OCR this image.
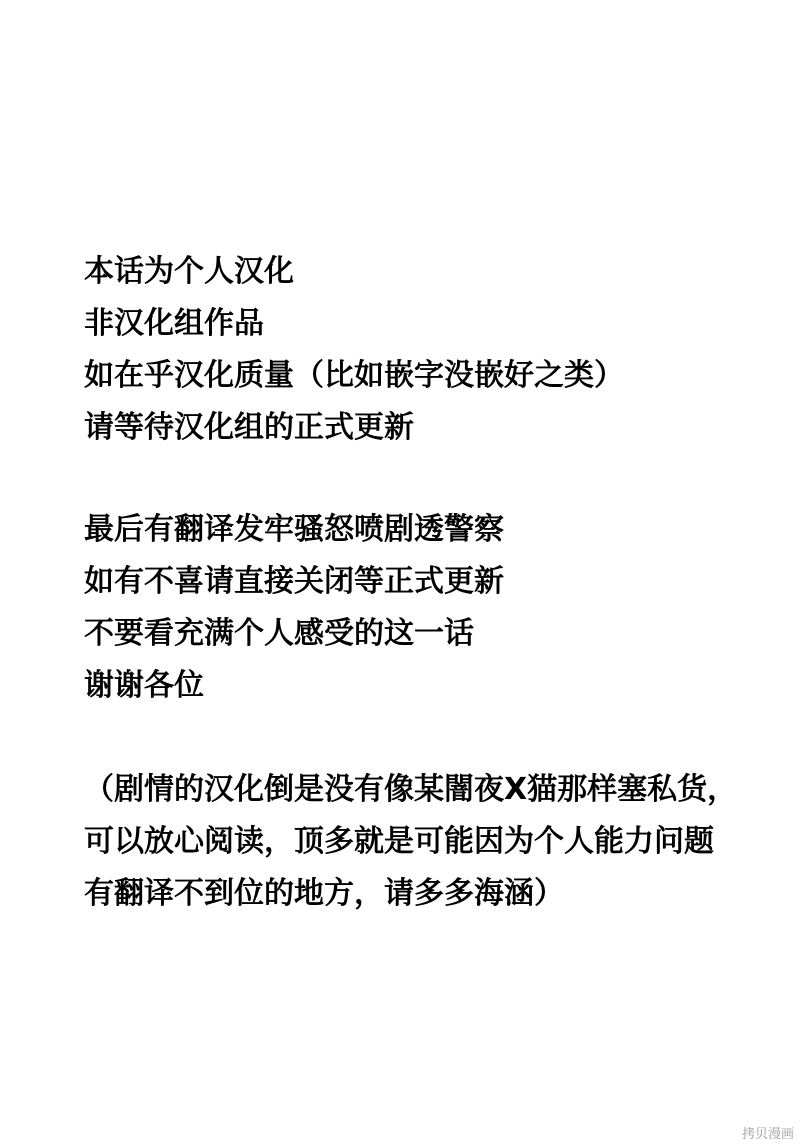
本话为个人汉化

非汉化组作品

如在乎汉化质量（比如嵌字没嵌好之类）

请等待汉化组的正式更新

最后有翻译发牢骚怒喷剧透警察

如有不喜请直接关闭等正式更新

不要看充满个人感受的这一话

谢谢各位

（剧情的汉化倒是没有像某闇夜X猫那样塞私货，

可以放心阅读，顶多就是可能因为个人能力问题

有翻译不到位的地方，请多多海涵）

拷贝漫画
